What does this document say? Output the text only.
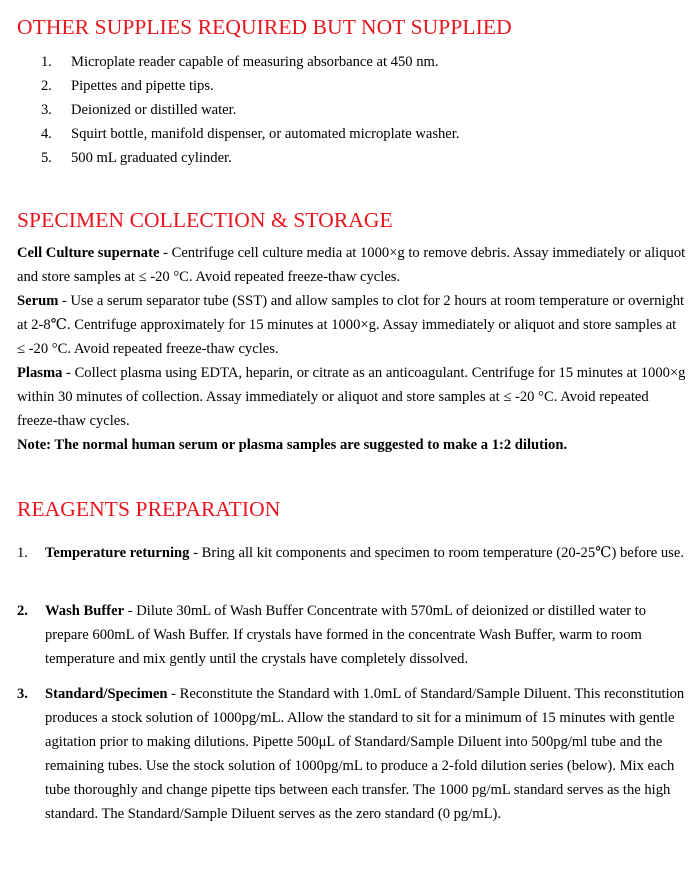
OTHER SUPPLIES REQUIRED BUT NOT SUPPLIED
1.	Microplate reader capable of measuring absorbance at 450 nm.
2.	Pipettes and pipette tips.
3.	Deionized or distilled water.
4.	Squirt bottle, manifold dispenser, or automated microplate washer.
5.	500 mL graduated cylinder.
SPECIMEN COLLECTION & STORAGE

Cell Culture supernate - Centrifuge cell culture media at 1000×g to remove debris. Assay immediately or aliquot and store samples at ≤ -20 °C. Avoid repeated freeze-thaw cycles.

Serum - Use a serum separator tube (SST) and allow samples to clot for 2 hours at room temperature or overnight at 2-8℃. Centrifuge approximately for 15 minutes at 1000×g. Assay immediately or aliquot and store samples at ≤ -20 °C. Avoid repeated freeze-thaw cycles.

Plasma - Collect plasma using EDTA, heparin, or citrate as an anticoagulant. Centrifuge for 15 minutes at 1000×g within 30 minutes of collection. Assay immediately or aliquot and store samples at ≤ -20 °C. Avoid repeated freeze-thaw cycles.

Note: The normal human serum or plasma samples are suggested to make a 1:2 dilution.

REAGENTS PREPARATION
1.	Temperature returning - Bring all kit components and specimen to room temperature (20-25℃) before use.
2.	Wash Buffer - Dilute 30mL of Wash Buffer Concentrate with 570mL of deionized or distilled water to prepare 600mL of Wash Buffer. If crystals have formed in the concentrate Wash Buffer, warm to room temperature and mix gently until the crystals have completely dissolved.
3.	Standard/Specimen - Reconstitute the Standard with 1.0mL of Standard/Sample Diluent. This reconstitution produces a stock solution of 1000pg/mL. Allow the standard to sit for a minimum of 15 minutes with gentle agitation prior to making dilutions. Pipette 500μL of Standard/Sample Diluent into 500pg/ml tube and the remaining tubes. Use the stock solution of 1000pg/mL to produce a 2-fold dilution series (below). Mix each tube thoroughly and change pipette tips between each transfer. The 1000 pg/mL standard serves as the high standard. The Standard/Sample Diluent serves as the zero standard (0 pg/mL).
